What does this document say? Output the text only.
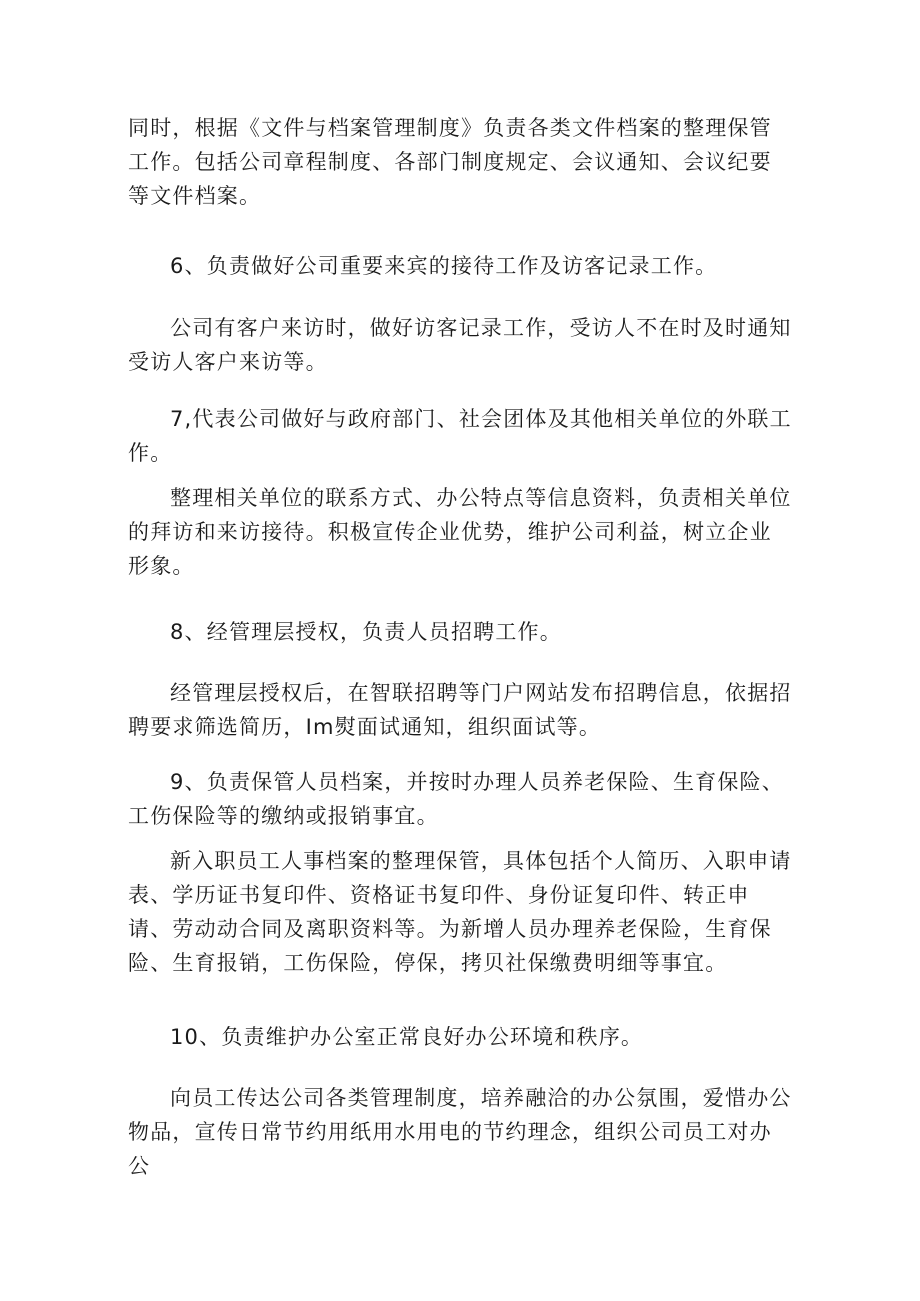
同时，根据《文件与档案管理制度》负责各类文件档案的整理保管工作。包括公司章程制度、各部门制度规定、会议通知、会议纪要等文件档案。

6、负责做好公司重要来宾的接待工作及访客记录工作。

公司有客户来访时，做好访客记录工作，受访人不在时及时通知受访人客户来访等。

7,代表公司做好与政府部门、社会团体及其他相关单位的外联工作。

整理相关单位的联系方式、办公特点等信息资料，负责相关单位的拜访和来访接待。积极宣传企业优势，维护公司利益，树立企业形象。

8、经管理层授权，负责人员招聘工作。

经管理层授权后，在智联招聘等门户网站发布招聘信息，依据招聘要求筛选简历，Im熨面试通知，组织面试等。

9、负责保管人员档案，并按时办理人员养老保险、生育保险、工伤保险等的缴纳或报销事宜。

新入职员工人事档案的整理保管，具体包括个人简历、入职申请表、学历证书复印件、资格证书复印件、身份证复印件、转正申请、劳动动合同及离职资料等。为新增人员办理养老保险，生育保险、生育报销，工伤保险，停保，拷贝社保缴费明细等事宜。

10、负责维护办公室正常良好办公环境和秩序。

向员工传达公司各类管理制度，培养融洽的办公氛围，爱惜办公物品，宣传日常节约用纸用水用电的节约理念，组织公司员工对办公
